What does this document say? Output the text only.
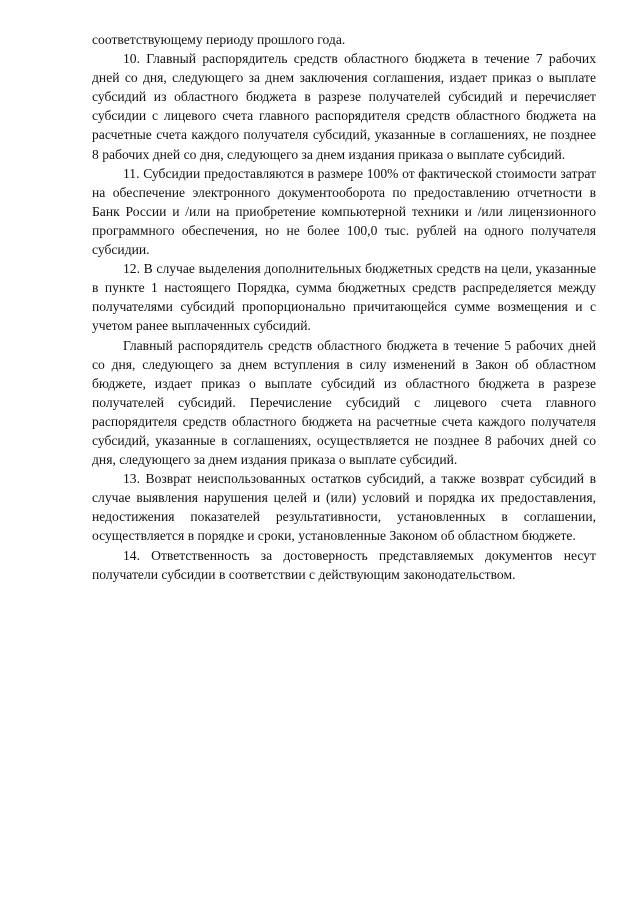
соответствующему периоду прошлого года.

10. Главный распорядитель средств областного бюджета в течение 7 рабочих дней со дня, следующего за днем заключения соглашения, издает приказ о выплате субсидий из областного бюджета в разрезе получателей субсидий и перечисляет субсидии с лицевого счета главного распорядителя средств областного бюджета на расчетные счета каждого получателя субсидий, указанные в соглашениях, не позднее 8 рабочих дней со дня, следующего за днем издания приказа о выплате субсидий.

11. Субсидии предоставляются в размере 100% от фактической стоимости затрат на обеспечение электронного документооборота по предоставлению отчетности в Банк России и /или на приобретение компьютерной техники и /или лицензионного программного обеспечения, но не более 100,0 тыс. рублей на одного получателя субсидии.

12. В случае выделения дополнительных бюджетных средств на цели, указанные в пункте 1 настоящего Порядка, сумма бюджетных средств распределяется между получателями субсидий пропорционально причитающейся сумме возмещения и с учетом ранее выплаченных субсидий.

Главный распорядитель средств областного бюджета в течение 5 рабочих дней со дня, следующего за днем вступления в силу изменений в Закон об областном бюджете, издает приказ о выплате субсидий из областного бюджета в разрезе получателей субсидий. Перечисление субсидий с лицевого счета главного распорядителя средств областного бюджета на расчетные счета каждого получателя субсидий, указанные в соглашениях, осуществляется не позднее 8 рабочих дней со дня, следующего за днем издания приказа о выплате субсидий.

13. Возврат неиспользованных остатков субсидий, а также возврат субсидий в случае выявления нарушения целей и (или) условий и порядка их предоставления, недостижения показателей результативности, установленных в соглашении, осуществляется в порядке и сроки, установленные Законом об областном бюджете.

14. Ответственность за достоверность представляемых документов несут получатели субсидии в соответствии с действующим законодательством.
